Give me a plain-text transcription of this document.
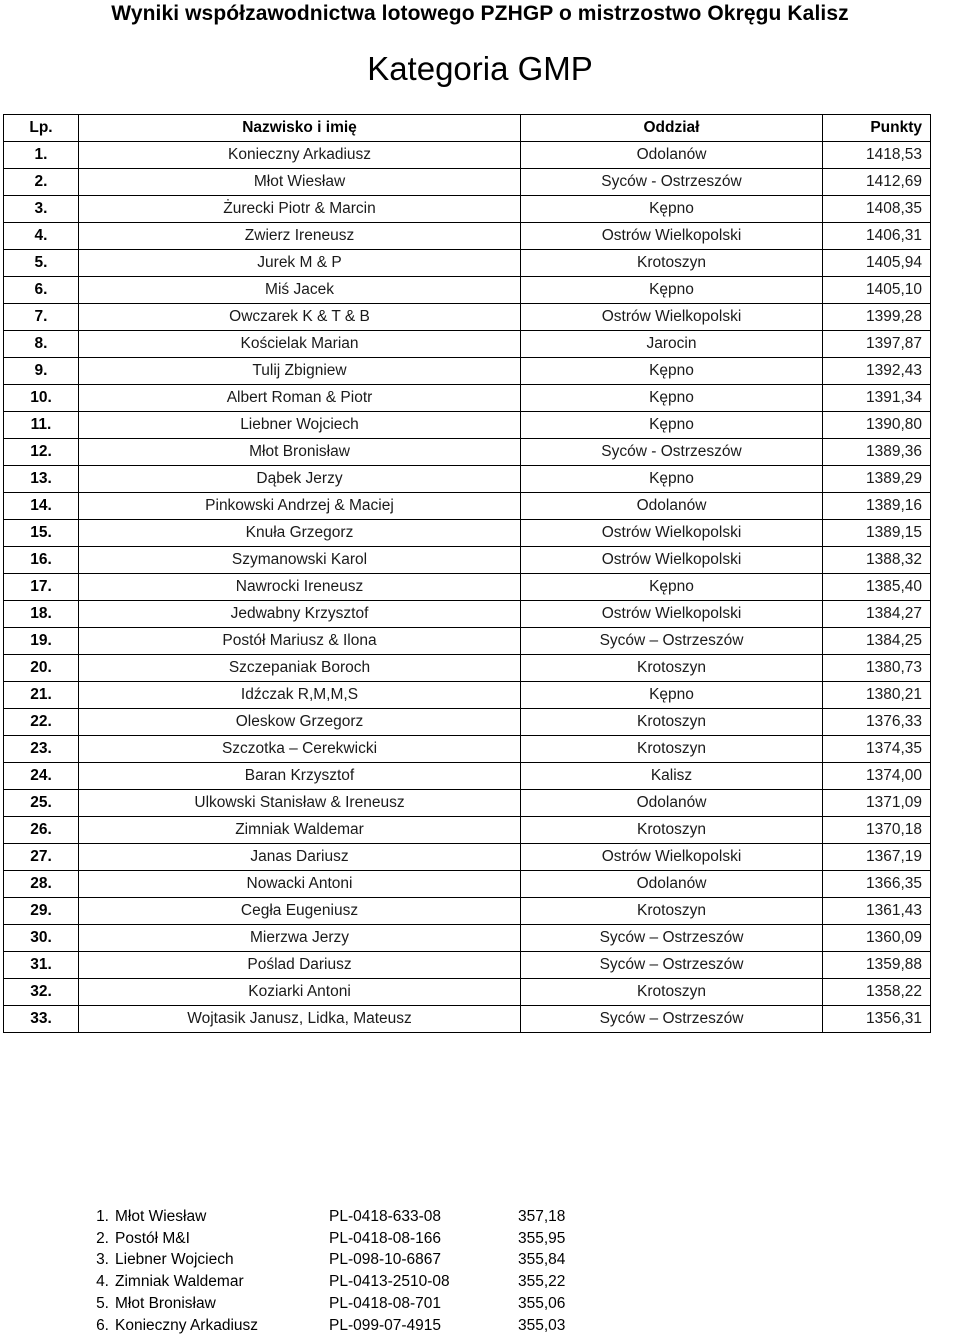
Wyniki współzawodnictwa lotowego PZHGP o mistrzostwo Okręgu Kalisz
Kategoria GMP
Lp.	Nazwisko i imię	Oddział	Punkty
1.	Konieczny Arkadiusz	Odolanów	1418,53
2.	Młot Wiesław	Syców - Ostrzeszów	1412,69
3.	Żurecki Piotr & Marcin	Kępno	1408,35
4.	Zwierz Ireneusz	Ostrów Wielkopolski	1406,31
5.	Jurek M & P	Krotoszyn	1405,94
6.	Miś Jacek	Kępno	1405,10
7.	Owczarek K & T & B	Ostrów Wielkopolski	1399,28
8.	Kościelak Marian	Jarocin	1397,87
9.	Tulij Zbigniew	Kępno	1392,43
10.	Albert Roman & Piotr	Kępno	1391,34
11.	Liebner Wojciech	Kępno	1390,80
12.	Młot Bronisław	Syców - Ostrzeszów	1389,36
13.	Dąbek Jerzy	Kępno	1389,29
14.	Pinkowski Andrzej & Maciej	Odolanów	1389,16
15.	Knuła Grzegorz	Ostrów Wielkopolski	1389,15
16.	Szymanowski Karol	Ostrów Wielkopolski	1388,32
17.	Nawrocki Ireneusz	Kępno	1385,40
18.	Jedwabny Krzysztof	Ostrów Wielkopolski	1384,27
19.	Postół Mariusz & Ilona	Syców – Ostrzeszów	1384,25
20.	Szczepaniak Boroch	Krotoszyn	1380,73
21.	Idźczak R,M,M,S	Kępno	1380,21
22.	Oleskow Grzegorz	Krotoszyn	1376,33
23.	Szczotka – Cerekwicki	Krotoszyn	1374,35
24.	Baran Krzysztof	Kalisz	1374,00
25.	Ulkowski Stanisław & Ireneusz	Odolanów	1371,09
26.	Zimniak Waldemar	Krotoszyn	1370,18
27.	Janas Dariusz	Ostrów Wielkopolski	1367,19
28.	Nowacki Antoni	Odolanów	1366,35
29.	Cegła Eugeniusz	Krotoszyn	1361,43
30.	Mierzwa Jerzy	Syców – Ostrzeszów	1360,09
31.	Poślad Dariusz	Syców – Ostrzeszów	1359,88
32.	Koziarki Antoni	Krotoszyn	1358,22
33.	Wojtasik Janusz, Lidka, Mateusz	Syców – Ostrzeszów	1356,31
1.	Młot Wiesław	PL-0418-633-08	357,18
2.	Postół M&I	PL-0418-08-166	355,95
3.	Liebner Wojciech	PL-098-10-6867	355,84
4.	Zimniak Waldemar	PL-0413-2510-08	355,22
5.	Młot Bronisław	PL-0418-08-701	355,06
6.	Konieczny Arkadiusz	PL-099-07-4915	355,03
